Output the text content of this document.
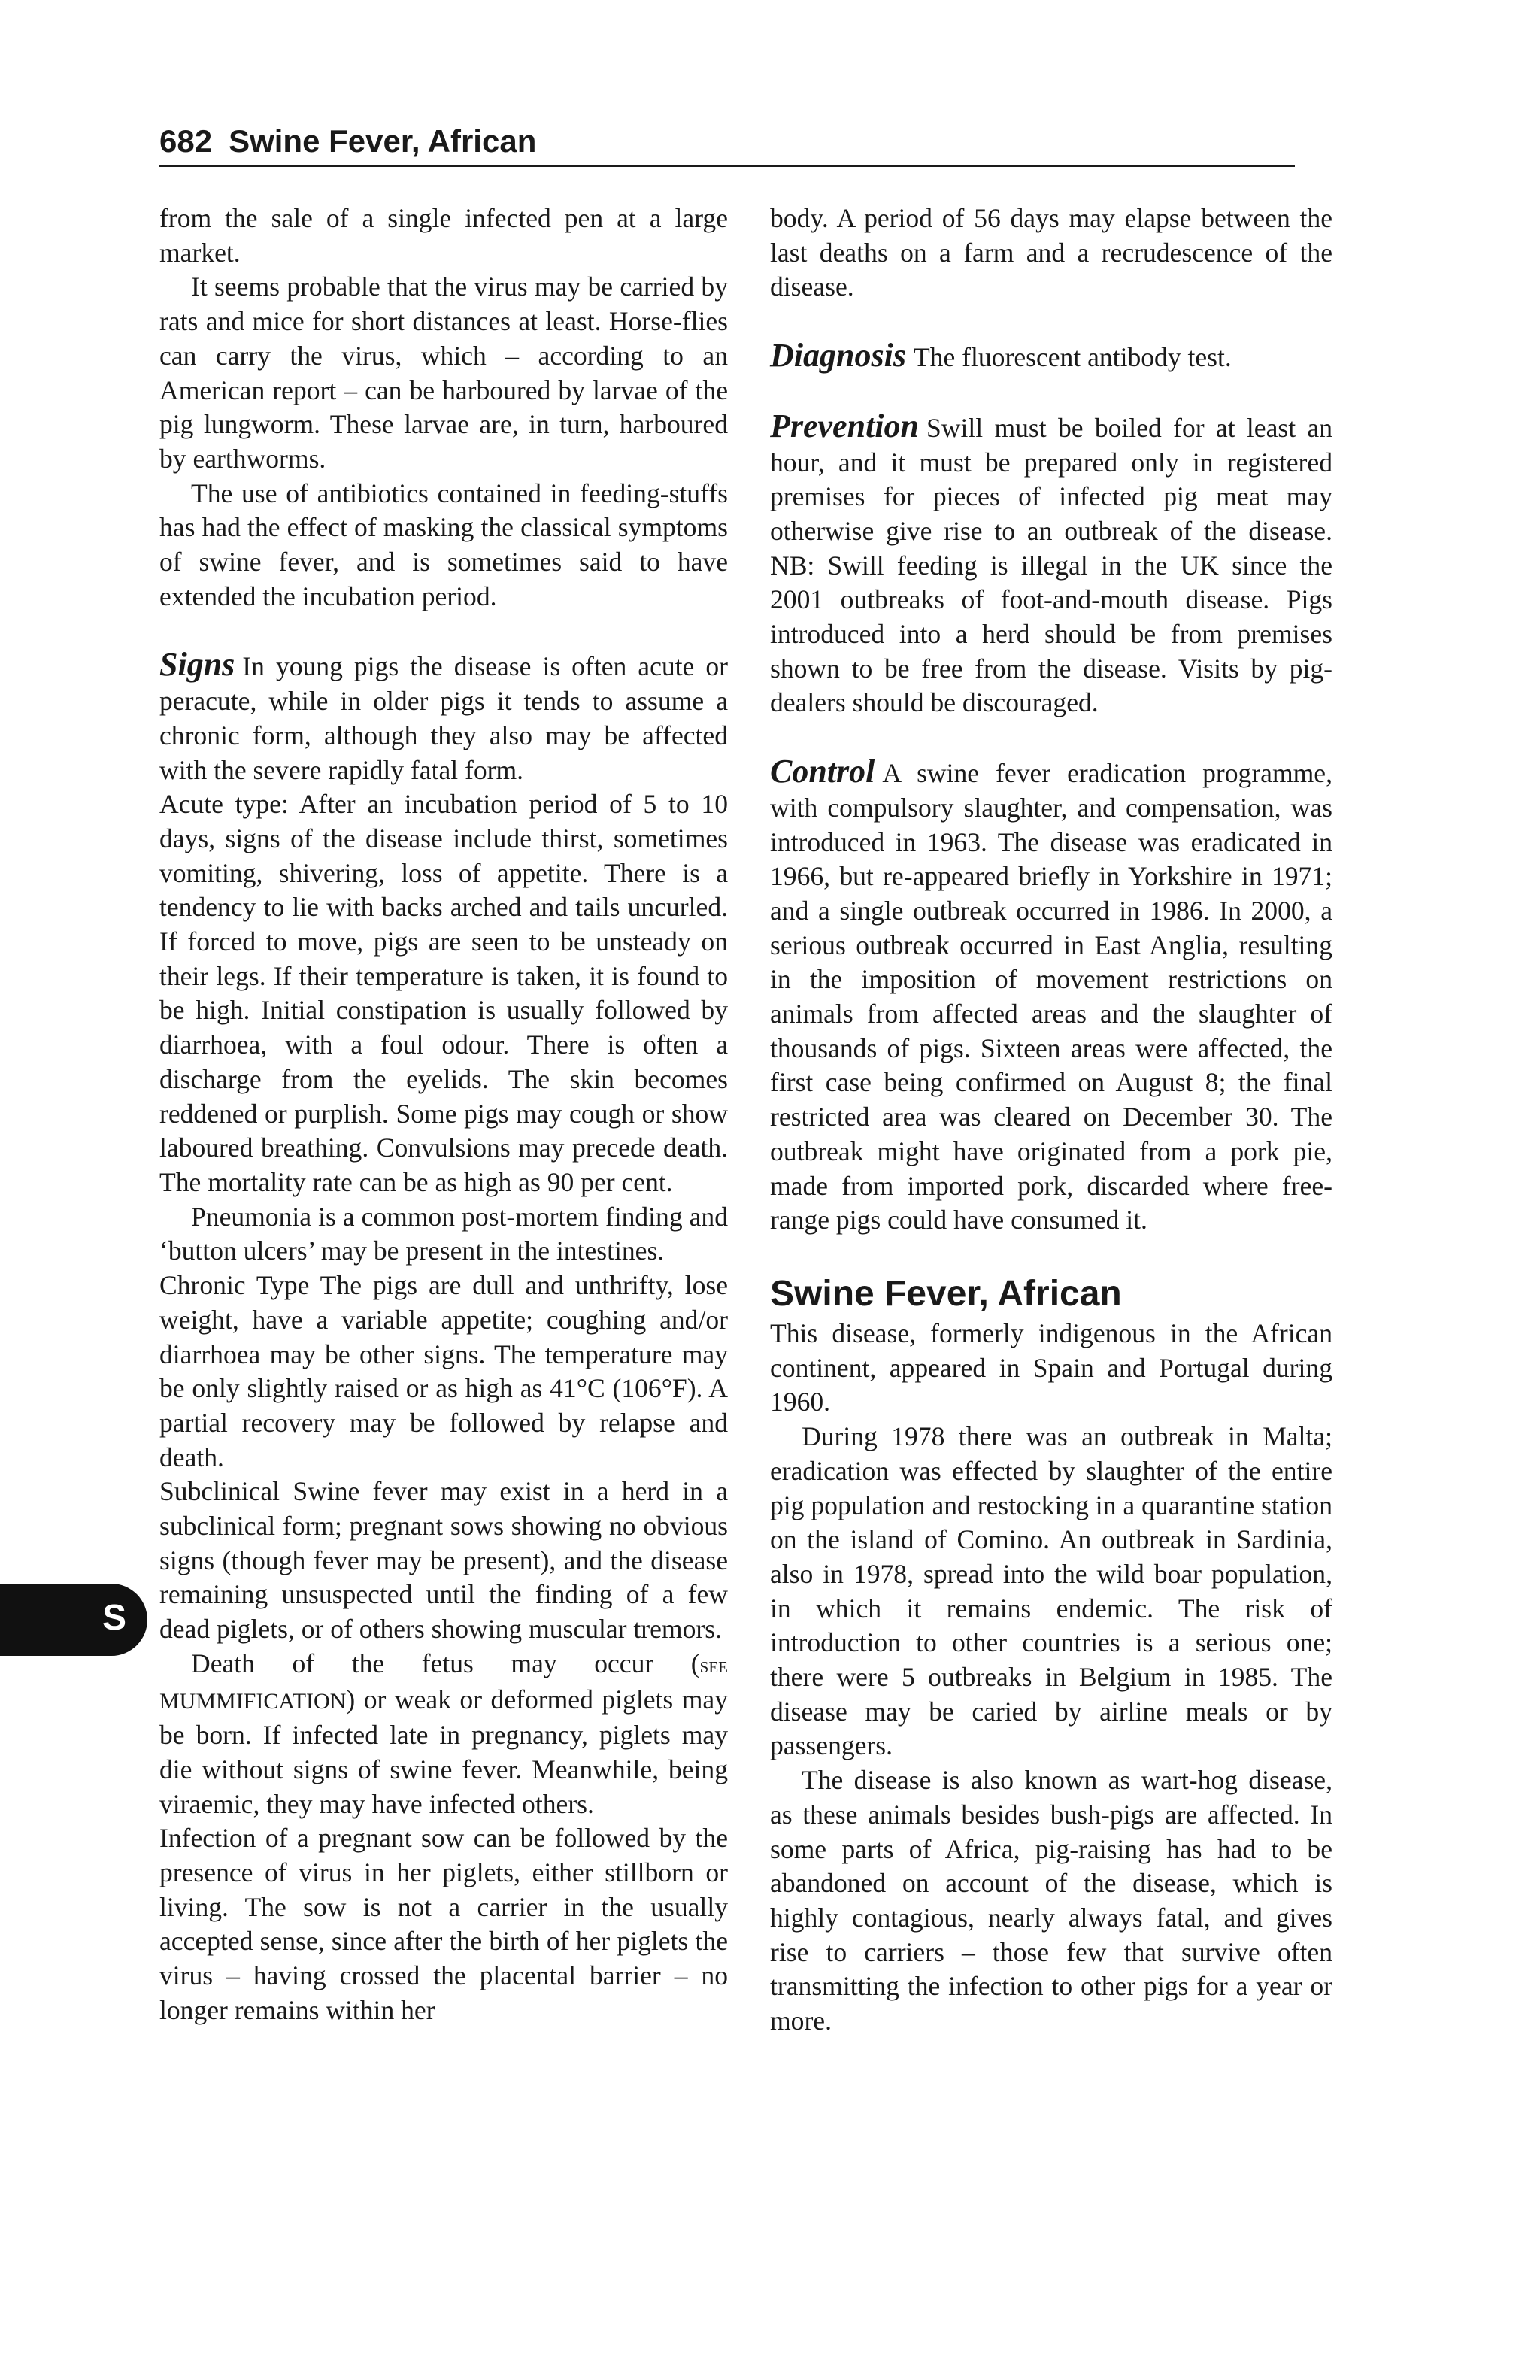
682 Swine Fever, African

from the sale of a single infected pen at a large market.

It seems probable that the virus may be carried by rats and mice for short distances at least. Horse-flies can carry the virus, which – according to an American report – can be harboured by larvae of the pig lungworm. These larvae are, in turn, harboured by earthworms.

The use of antibiotics contained in feeding-stuffs has had the effect of masking the classical symptoms of swine fever, and is sometimes said to have extended the incubation period.

Signs In young pigs the disease is often acute or peracute, while in older pigs it tends to assume a chronic form, although they also may be affected with the severe rapidly fatal form.

Acute type: After an incubation period of 5 to 10 days, signs of the disease include thirst, sometimes vomiting, shivering, loss of appetite. There is a tendency to lie with backs arched and tails uncurled. If forced to move, pigs are seen to be unsteady on their legs. If their temperature is taken, it is found to be high. Initial constipation is usually followed by diarrhoea, with a foul odour. There is often a discharge from the eyelids. The skin becomes reddened or purplish. Some pigs may cough or show laboured breathing. Convulsions may precede death. The mortality rate can be as high as 90 per cent.

Pneumonia is a common post-mortem finding and ‘button ulcers’ may be present in the intestines.

Chronic Type The pigs are dull and unthrifty, lose weight, have a variable appetite; coughing and/or diarrhoea may be other signs. The temperature may be only slightly raised or as high as 41°C (106°F). A partial recovery may be followed by relapse and death.

Subclinical Swine fever may exist in a herd in a subclinical form; pregnant sows showing no obvious signs (though fever may be present), and the disease remaining unsuspected until the finding of a few dead piglets, or of others showing muscular tremors.

Death of the fetus may occur (see MUMMIFICATION) or weak or deformed piglets may be born. If infected late in pregnancy, piglets may die without signs of swine fever. Meanwhile, being viraemic, they may have infected others.

Infection of a pregnant sow can be followed by the presence of virus in her piglets, either stillborn or living. The sow is not a carrier in the usually accepted sense, since after the birth of her piglets the virus – having crossed the placental barrier – no longer remains within her

body. A period of 56 days may elapse between the last deaths on a farm and a recrudescence of the disease.

Diagnosis The fluorescent antibody test.

Prevention Swill must be boiled for at least an hour, and it must be prepared only in registered premises for pieces of infected pig meat may otherwise give rise to an outbreak of the disease. NB: Swill feeding is illegal in the UK since the 2001 outbreaks of foot-and-mouth disease. Pigs introduced into a herd should be from premises shown to be free from the disease. Visits by pig-dealers should be discouraged.

Control A swine fever eradication programme, with compulsory slaughter, and compensation, was introduced in 1963. The disease was eradicated in 1966, but re-appeared briefly in Yorkshire in 1971; and a single outbreak occurred in 1986. In 2000, a serious outbreak occurred in East Anglia, resulting in the imposition of movement restrictions on animals from affected areas and the slaughter of thousands of pigs. Sixteen areas were affected, the first case being confirmed on August 8; the final restricted area was cleared on December 30. The outbreak might have originated from a pork pie, made from imported pork, discarded where free-range pigs could have consumed it.

Swine Fever, African

This disease, formerly indigenous in the African continent, appeared in Spain and Portugal during 1960.

During 1978 there was an outbreak in Malta; eradication was effected by slaughter of the entire pig population and restocking in a quarantine station on the island of Comino. An outbreak in Sardinia, also in 1978, spread into the wild boar population, in which it remains endemic. The risk of introduction to other countries is a serious one; there were 5 outbreaks in Belgium in 1985. The disease may be caried by airline meals or by passengers.

The disease is also known as wart-hog disease, as these animals besides bush-pigs are affected. In some parts of Africa, pig-raising has had to be abandoned on account of the disease, which is highly contagious, nearly always fatal, and gives rise to carriers – those few that survive often transmitting the infection to other pigs for a year or more.

S
